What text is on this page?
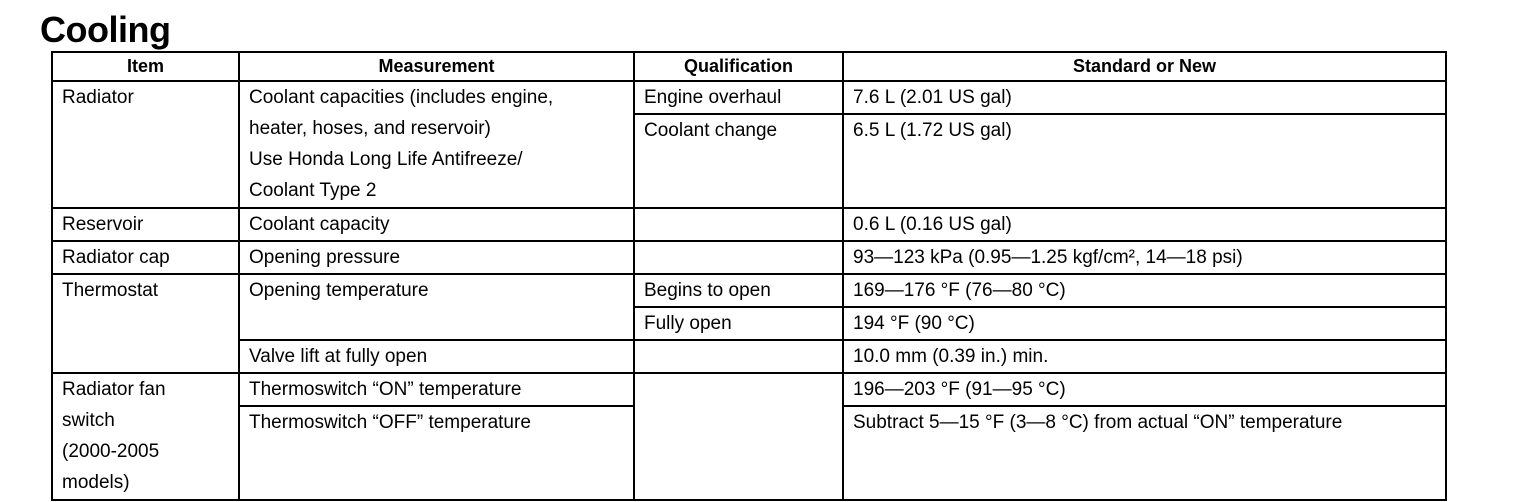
Cooling
Item	Measurement	Qualification	Standard or New
Radiator	Coolant capacities (includes engine,
heater, hoses, and reservoir)
Use Honda Long Life Antifreeze/
Coolant Type 2	Engine overhaul	7.6 L (2.01 US gal)
		Coolant change	6.5 L (1.72 US gal)
Reservoir	Coolant capacity		0.6 L (0.16 US gal)
Radiator cap	Opening pressure		93—123 kPa (0.95—1.25 kgf/cm², 14—18 psi)
Thermostat	Opening temperature	Begins to open	169—176 °F (76—80 °C)
		Fully open	194 °F (90 °C)
	Valve lift at fully open		10.0 mm (0.39 in.) min.

Radiator fan
switch
(2000-2005
models)	Thermoswitch “ON” temperature		196—203 °F (91—95 °C)
	Thermoswitch “OFF” temperature		Subtract 5—15 °F (3—8 °C) from actual “ON” temperature
